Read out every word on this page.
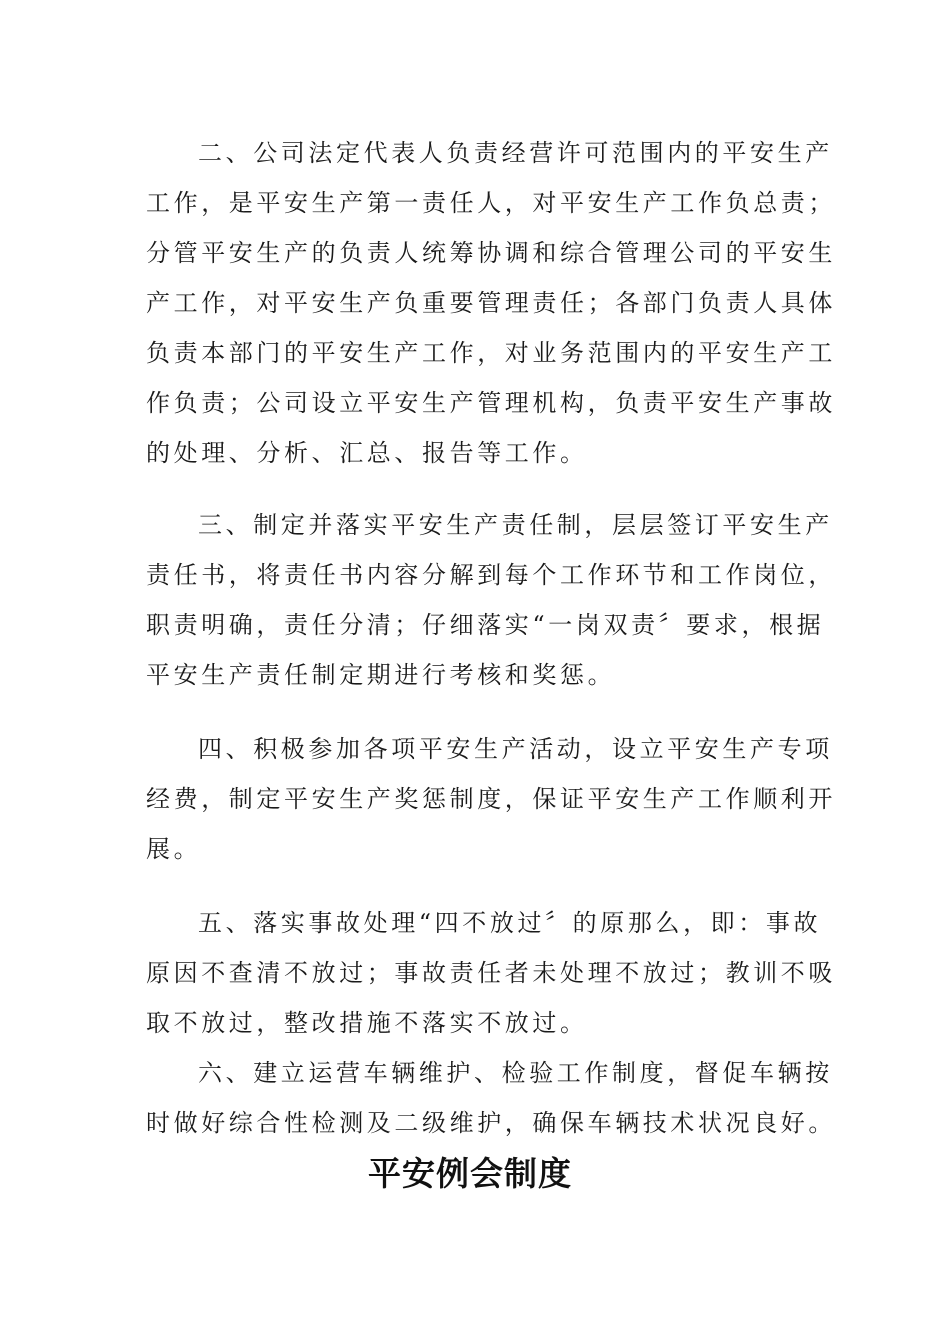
二、公司法定代表人负责经营许可范围内的平安生产
工作，是平安生产第一责任人，对平安生产工作负总责；
分管平安生产的负责人统筹协调和综合管理公司的平安生
产工作，对平安生产负重要管理责任；各部门负责人具体
负责本部门的平安生产工作，对业务范围内的平安生产工
作负责；公司设立平安生产管理机构，负责平安生产事故
的处理、分析、汇总、报告等工作。
三、制定并落实平安生产责任制，层层签订平安生产
责任书，将责任书内容分解到每个工作环节和工作岗位，
职责明确，责任分清；仔细落实“一岗双责〞要求，根据
平安生产责任制定期进行考核和奖惩。
四、积极参加各项平安生产活动，设立平安生产专项
经费，制定平安生产奖惩制度，保证平安生产工作顺利开
展。
五、落实事故处理“四不放过〞的原那么，即：事故
原因不查清不放过；事故责任者未处理不放过；教训不吸
取不放过，整改措施不落实不放过。
六、建立运营车辆维护、检验工作制度，督促车辆按
时做好综合性检测及二级维护，确保车辆技术状况良好。
平安例会制度
